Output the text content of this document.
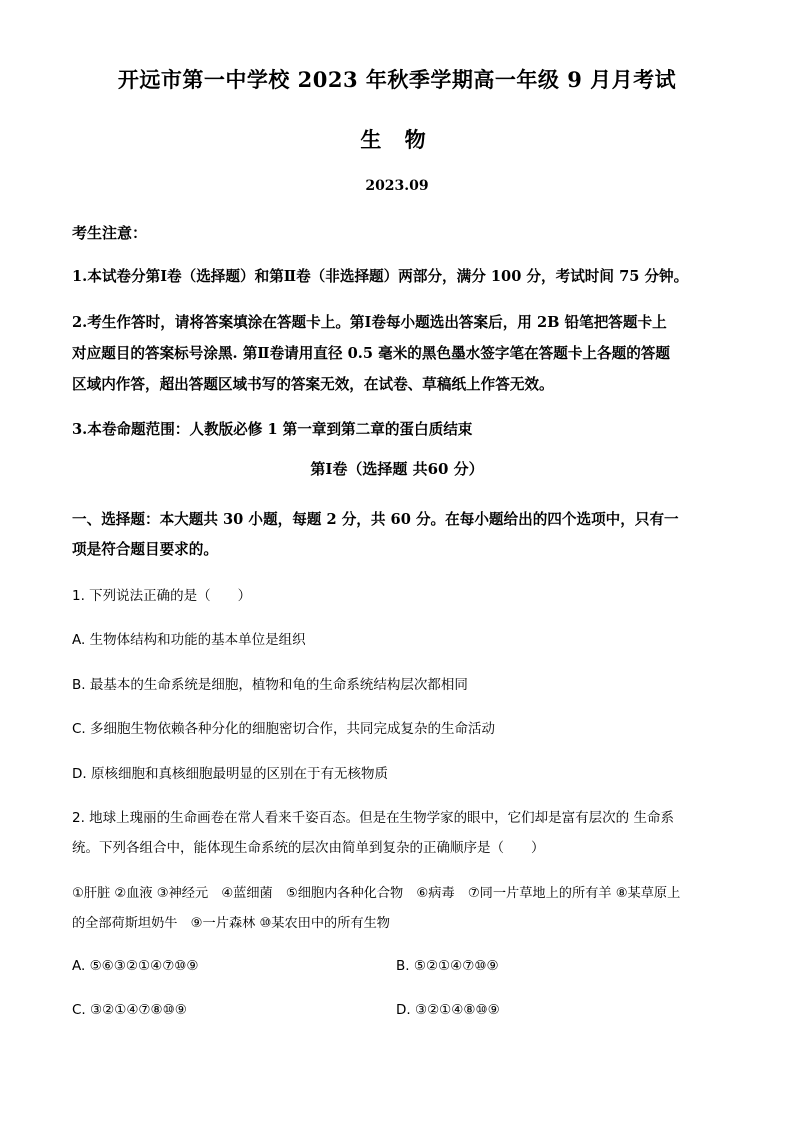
开远市第一中学校 2023 年秋季学期高一年级 9 月月考试
生 物
2023.09
考生注意：
1.本试卷分第Ⅰ卷（选择题）和第Ⅱ卷（非选择题）两部分，满分 100 分，考试时间 75 分钟。
2.考生作答时，请将答案填涂在答题卡上。第Ⅰ卷每小题选出答案后，用 2B 铅笔把答题卡上
对应题目的答案标号涂黑. 第Ⅱ卷请用直径 0.5 毫米的黑色墨水签字笔在答题卡上各题的答题
区域内作答，超出答题区域书写的答案无效，在试卷、草稿纸上作答无效。
3.本卷命题范围：人教版必修 1 第一章到第二章的蛋白质结束
第Ⅰ卷（选择题 共60 分）
一、选择题：本大题共 30 小题，每题 2 分，共 60 分。在每小题给出的四个选项中，只有一
项是符合题目要求的。
1. 下列说法正确的是（　　）
A. 生物体结构和功能的基本单位是组织
B. 最基本的生命系统是细胞，植物和龟的生命系统结构层次都相同
C. 多细胞生物依赖各种分化的细胞密切合作，共同完成复杂的生命活动
D. 原核细胞和真核细胞最明显的区别在于有无核物质
2. 地球上瑰丽的生命画卷在常人看来千姿百态。但是在生物学家的眼中，它们却是富有层次的 生命系
统。下列各组合中，能体现生命系统的层次由简单到复杂的正确顺序是（　　）
①肝脏 ②血液 ③神经元　④蓝细菌　⑤细胞内各种化合物　⑥病毒　⑦同一片草地上的所有羊 ⑧某草原上
的全部荷斯坦奶牛　⑨一片森林 ⑩某农田中的所有生物
A. ⑤⑥③②①④⑦⑩⑨	B. ⑤②①④⑦⑩⑨
C. ③②①④⑦⑧⑩⑨	D. ③②①④⑧⑩⑨
